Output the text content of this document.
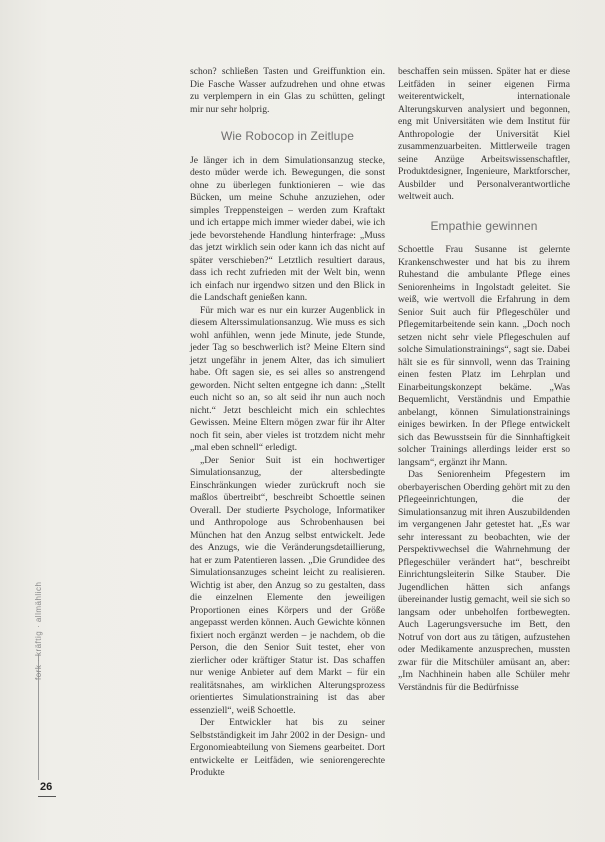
schon? schließen Tasten und Greiffunktion ein. Die Fasche Wasser aufzudrehen und ohne etwas zu verplempern in ein Glas zu schütten, gelingt mir nur sehr holprig.

Wie Robocop in Zeitlupe

Je länger ich in dem Simulationsanzug stecke, desto müder werde ich. Bewegungen, die sonst ohne zu überlegen funktionieren – wie das Bücken, um meine Schuhe anzuziehen, oder simples Treppensteigen – werden zum Kraftakt und ich ertappe mich immer wieder dabei, wie ich jede bevorstehende Handlung hinterfrage: „Muss das jetzt wirklich sein oder kann ich das nicht auf später verschieben?“ Letztlich resultiert daraus, dass ich recht zufrieden mit der Welt bin, wenn ich einfach nur irgendwo sitzen und den Blick in die Landschaft genießen kann.

Für mich war es nur ein kurzer Augenblick in diesem Alterssimulationsanzug. Wie muss es sich wohl anfühlen, wenn jede Minute, jede Stunde, jeder Tag so beschwerlich ist? Meine Eltern sind jetzt ungefähr in jenem Alter, das ich simuliert habe. Oft sagen sie, es sei alles so anstrengend geworden. Nicht selten entgegne ich dann: „Stellt euch nicht so an, so alt seid ihr nun auch noch nicht.“ Jetzt beschleicht mich ein schlechtes Gewissen. Meine Eltern mögen zwar für ihr Alter noch fit sein, aber vieles ist trotzdem nicht mehr „mal eben schnell“ erledigt.

„Der Senior Suit ist ein hochwertiger Simulationsanzug, der altersbedingte Einschränkungen wieder zurückruft noch sie maßlos übertreibt“, beschreibt Schoettle seinen Overall. Der studierte Psychologe, Informatiker und Anthropologe aus Schrobenhausen bei München hat den Anzug selbst entwickelt. Jede des Anzugs, wie die Veränderungsdetaillierung, hat er zum Patentieren lassen. „Die Grundidee des Simulationsanzuges scheint leicht zu realisieren. Wichtig ist aber, den Anzug so zu gestalten, dass die einzelnen Elemente den jeweiligen Proportionen eines Körpers und der Größe angepasst werden können. Auch Gewichte können fixiert noch ergänzt werden – je nachdem, ob die Person, die den Senior Suit testet, eher von zierlicher oder kräftiger Statur ist. Das schaffen nur wenige Anbieter auf dem Markt – für ein realitätsnahes, am wirklichen Alterungsprozess orientiertes Simulationstraining ist das aber essenziell“, weiß Schoettle.

Der Entwickler hat bis zu seiner Selbstständigkeit im Jahr 2002 in der Design- und Ergonomieabteilung von Siemens gearbeitet. Dort entwickelte er Leitfäden, wie seniorengerechte Produkte

beschaffen sein müssen. Später hat er diese Leitfäden in seiner eigenen Firma weiterentwickelt, internationale Alterungskurven analysiert und begonnen, eng mit Universitäten wie dem Institut für Anthropologie der Universität Kiel zusammenzuarbeiten. Mittlerweile tragen seine Anzüge Arbeitswissenschaftler, Produktdesigner, Ingenieure, Marktforscher, Ausbilder und Personalverantwortliche weltweit auch.

Empathie gewinnen

Schoettle Frau Susanne ist gelernte Krankenschwester und hat bis zu ihrem Ruhestand die ambulante Pflege eines Seniorenheims in Ingolstadt geleitet. Sie weiß, wie wertvoll die Erfahrung in dem Senior Suit auch für Pflegeschüler und Pflegemitarbeitende sein kann. „Doch noch setzen nicht sehr viele Pflegeschulen auf solche Simulationstrainings“, sagt sie. Dabei hält sie es für sinnvoll, wenn das Training einen festen Platz im Lehrplan und Einarbeitungskonzept bekäme. „Was Bequemlicht, Verständnis und Empathie anbelangt, können Simulationstrainings einiges bewirken. In der Pflege entwickelt sich das Bewusstsein für die Sinnhaftigkeit solcher Trainings allerdings leider erst so langsam“, ergänzt ihr Mann.

Das Seniorenheim Pfegestern im oberbayerischen Oberding gehört mit zu den Pflegeeinrichtungen, die der Simulationsanzug mit ihren Auszubildenden im vergangenen Jahr getestet hat. „Es war sehr interessant zu beobachten, wie der Perspektivwechsel die Wahrnehmung der Pflegeschüler verändert hat“, beschreibt Einrichtungsleiterin Silke Stauber. Die Jugendlichen hätten sich anfangs übereinander lustig gemacht, weil sie sich so langsam oder unbeholfen fortbewegten. Auch Lagerungsversuche im Bett, den Notruf von dort aus zu tätigen, aufzustehen oder Medikamente anzusprechen, mussten zwar für die Mitschüler amüsant an, aber: „Im Nachhinein haben alle Schüler mehr Verständnis für die Bedürfnisse

fork · kräftig · allmählich
26
